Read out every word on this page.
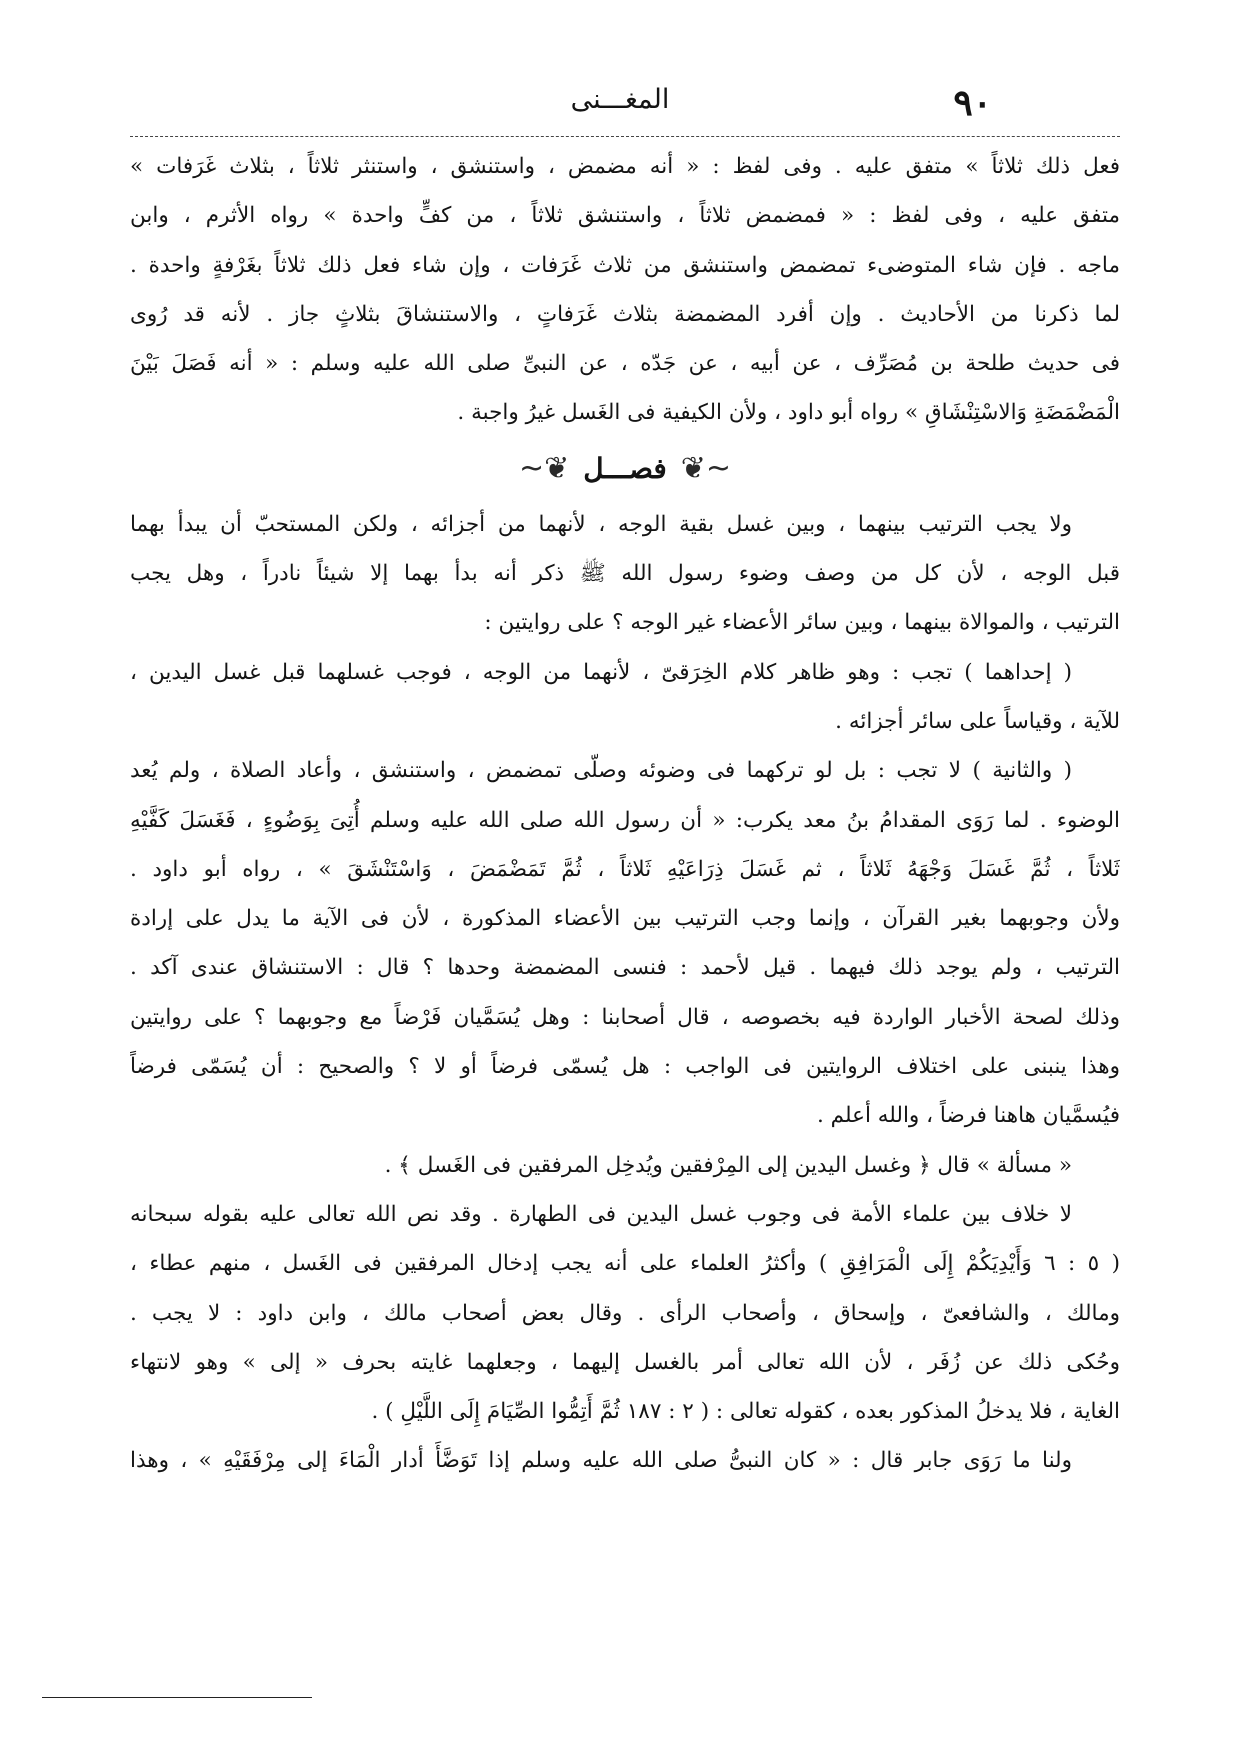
٩٠
المغـــنى
فعل ذلك ثلاثاً » متفق عليه . وفى لفظ : « أنه مضمض ، واستنشق ، واستنثر ثلاثاً ، بثلاث غَرَفات »
متفق عليه ، وفى لفظ : « فمضمض ثلاثاً ، واستنشق ثلاثاً ، من كفٍّ واحدة » رواه الأثرم ، وابن
ماجه . فإن شاء المتوضىء تمضمض واستنشق من ثلاث غَرَفات ، وإن شاء فعل ذلك ثلاثاً بغَرْفةٍ واحدة .
لما ذكرنا من الأحاديث . وإن أفرد المضمضة بثلاث غَرَفاتٍ ، والاستنشاقَ بثلاثٍ جاز . لأنه قد رُوى
فى حديث طلحة بن مُصَرِّف ، عن أبيه ، عن جَدّه ، عن النبىِّ صلى الله عليه وسلم : « أنه فَصَلَ بَيْنَ
الْمَضْمَضَةِ وَالاسْتِنْشَاقِ » رواه أبو داود ، ولأن الكيفية فى الغَسل غيرُ واجبة .
~❦
فصـــل
❦~
ولا يجب الترتيب بينهما ، وبين غسل بقية الوجه ، لأنهما من أجزائه ، ولكن المستحبّ أن يبدأ بهما
قبل الوجه ، لأن كل من وصف وضوء رسول الله ﷺ ذكر أنه بدأ بهما إلا شيئاً نادراً ، وهل يجب
الترتيب ، والموالاة بينهما ، وبين سائر الأعضاء غير الوجه ؟ على روايتين :
( إحداهما ) تجب : وهو ظاهر كلام الخِرَقىّ ، لأنهما من الوجه ، فوجب غسلهما قبل غسل اليدين ،
للآية ، وقياساً على سائر أجزائه .
( والثانية ) لا تجب : بل لو تركهما فى وضوئه وصلّى تمضمض ، واستنشق ، وأعاد الصلاة ، ولم يُعد
الوضوء . لما رَوَى المقدامُ بنُ معد يكرب: « أن رسول الله صلى الله عليه وسلم أُتِىَ بِوَضُوءٍ ، فَغَسَلَ كَفَّيْهِ
ثَلاثاً ، ثُمَّ غَسَلَ وَجْهَهُ ثَلاثاً ، ثم غَسَلَ ذِرَاعَيْهِ ثَلاثاً ، ثُمَّ تَمَضْمَضَ ، وَاسْتَنْشَقَ » ، رواه أبو داود .
ولأن وجوبهما بغير القرآن ، وإنما وجب الترتيب بين الأعضاء المذكورة ، لأن فى الآية ما يدل على إرادة
الترتيب ، ولم يوجد ذلك فيهما . قيل لأحمد : فنسى المضمضة وحدها ؟ قال : الاستنشاق عندى آكد .
وذلك لصحة الأخبار الواردة فيه بخصوصه ، قال أصحابنا : وهل يُسَمَّيان فَرْضاً مع وجوبهما ؟ على روايتين
وهذا ينبنى على اختلاف الروايتين فى الواجب : هل يُسمّى فرضاً أو لا ؟ والصحيح : أن يُسَمّى فرضاً
فيُسمَّيان هاهنا فرضاً ، والله أعلم .
« مسألة » قال ﴿ وغسل اليدين إلى المِرْفقين ويُدخِل المرفقين فى الغَسل ﴾ .
لا خلاف بين علماء الأمة فى وجوب غسل اليدين فى الطهارة . وقد نص الله تعالى عليه بقوله سبحانه
( ٥ : ٦ وَأَيْدِيَكُمْ إِلَى الْمَرَافِقِ ) وأكثرُ العلماء على أنه يجب إدخال المرفقين فى الغَسل ، منهم عطاء ،
ومالك ، والشافعىّ ، وإسحاق ، وأصحاب الرأى . وقال بعض أصحاب مالك ، وابن داود : لا يجب .
وحُكى ذلك عن زُفَر ، لأن الله تعالى أمر بالغسل إليهما ، وجعلهما غايته بحرف « إلى » وهو لانتهاء
الغاية ، فلا يدخلُ المذكور بعده ، كقوله تعالى : ( ٢ : ١٨٧ ثُمَّ أَتِمُّوا الصِّيَامَ إِلَى اللَّيْلِ ) .
ولنا ما رَوَى جابر قال : « كان النبىُّ صلى الله عليه وسلم إذا تَوَضَّأَ أدار الْمَاءَ إلى مِرْفَقَيْهِ » ، وهذا
